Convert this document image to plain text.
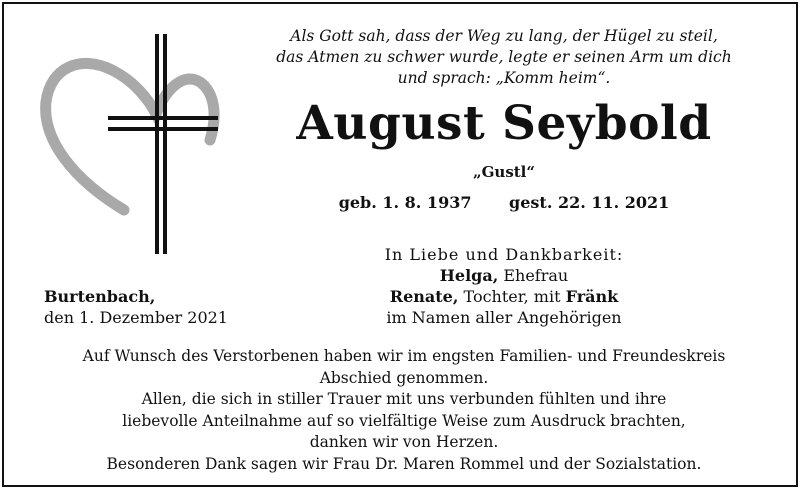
Als Gott sah, dass der Weg zu lang, der Hügel zu steil,
das Atmen zu schwer wurde, legte er seinen Arm um dich
und sprach: „Komm heim“.
August Seybold
„Gustl“
geb. 1. 8. 1937 gest. 22. 11. 2021
In Liebe und Dankbarkeit:
Helga, Ehefrau
Renate, Tochter, mit Fränk
im Namen aller Angehörigen
Burtenbach,
den 1. Dezember 2021
Auf Wunsch des Verstorbenen haben wir im engsten Familien- und Freundeskreis
Abschied genommen.
Allen, die sich in stiller Trauer mit uns verbunden fühlten und ihre
liebevolle Anteilnahme auf so vielfältige Weise zum Ausdruck brachten,
danken wir von Herzen.
Besonderen Dank sagen wir Frau Dr. Maren Rommel und der Sozialstation.
